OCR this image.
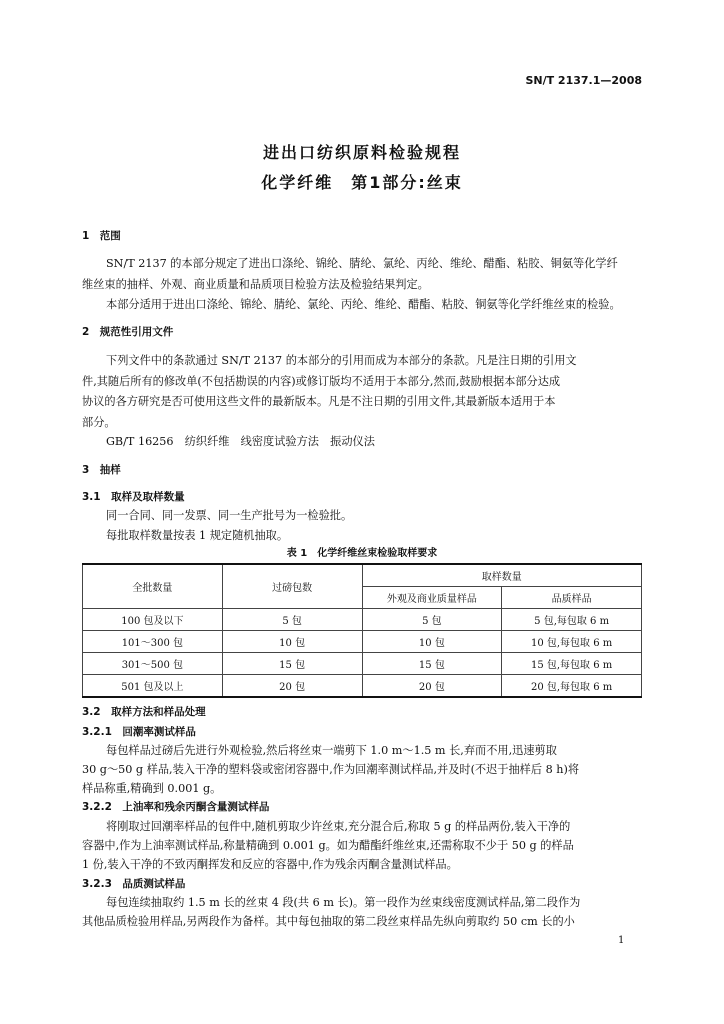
SN/T 2137.1—2008
进出口纺织原料检验规程
化学纤维　第1部分:丝束
1　范围
SN/T 2137 的本部分规定了进出口涤纶、锦纶、腈纶、氯纶、丙纶、维纶、醋酯、粘胶、铜氨等化学纤
维丝束的抽样、外观、商业质量和品质项目检验方法及检验结果判定。
本部分适用于进出口涤纶、锦纶、腈纶、氯纶、丙纶、维纶、醋酯、粘胶、铜氨等化学纤维丝束的检验。
2　规范性引用文件
下列文件中的条款通过 SN/T 2137 的本部分的引用而成为本部分的条款。凡是注日期的引用文
件,其随后所有的修改单(不包括勘误的内容)或修订版均不适用于本部分,然而,鼓励根据本部分达成
协议的各方研究是否可使用这些文件的最新版本。凡是不注日期的引用文件,其最新版本适用于本
部分。
GB/T 16256　纺织纤维　线密度试验方法　振动仪法
3　抽样
3.1　取样及取样数量
同一合同、同一发票、同一生产批号为一检验批。
每批取样数量按表 1 规定随机抽取。
表 1　化学纤维丝束检验取样要求
全批数量	过磅包数	取样数量	
		外观及商业质量样品	品质样品
100 包及以下	5 包	5 包	5 包,每包取 6 m
101～300 包	10 包	10 包	10 包,每包取 6 m
301～500 包	15 包	15 包	15 包,每包取 6 m
501 包及以上	20 包	20 包	20 包,每包取 6 m
3.2　取样方法和样品处理
3.2.1　回潮率测试样品
每包样品过磅后先进行外观检验,然后将丝束一端剪下 1.0 m～1.5 m 长,弃而不用,迅速剪取
30 g～50 g 样品,装入干净的塑料袋或密闭容器中,作为回潮率测试样品,并及时(不迟于抽样后 8 h)将
样品称重,精确到 0.001 g。
3.2.2　上油率和残余丙酮含量测试样品
将刚取过回潮率样品的包件中,随机剪取少许丝束,充分混合后,称取 5 g 的样品两份,装入干净的
容器中,作为上油率测试样品,称量精确到 0.001 g。如为醋酯纤维丝束,还需称取不少于 50 g 的样品
1 份,装入干净的不致丙酮挥发和反应的容器中,作为残余丙酮含量测试样品。
3.2.3　品质测试样品
每包连续抽取约 1.5 m 长的丝束 4 段(共 6 m 长)。第一段作为丝束线密度测试样品,第二段作为
其他品质检验用样品,另两段作为备样。其中每包抽取的第二段丝束样品先纵向剪取约 50 cm 长的小
1
